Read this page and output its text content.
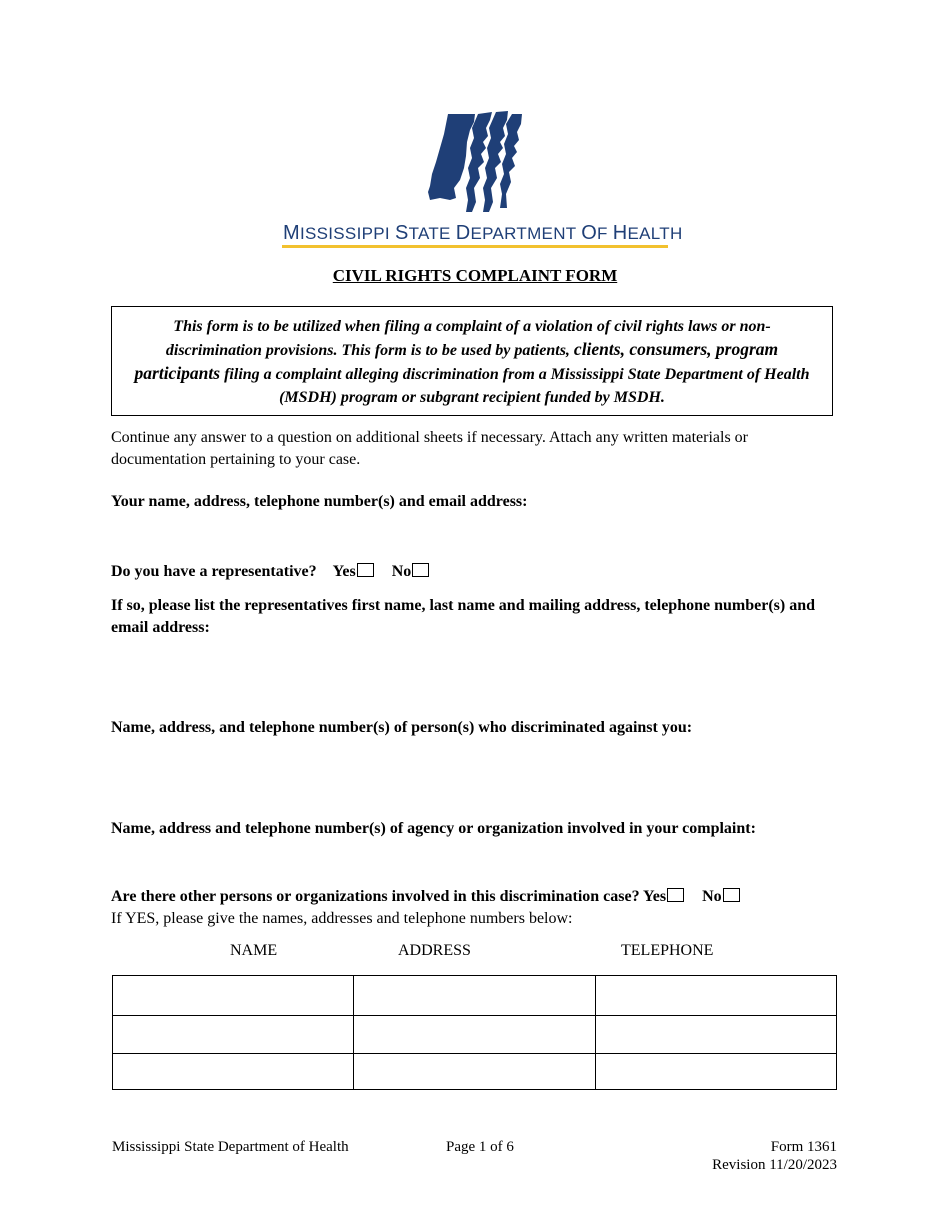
MISSISSIPPI STATE DEPARTMENT OF HEALTH
CIVIL RIGHTS COMPLAINT FORM
This form is to be utilized when filing a complaint of a violation of civil rights laws or non-discrimination provisions. This form is to be used by patients, clients, consumers, program participants filing a complaint alleging discrimination from a Mississippi State Department of Health (MSDH) program or subgrant recipient funded by MSDH.
Continue any answer to a question on additional sheets if necessary. Attach any written materials or documentation pertaining to your case.
Your name, address, telephone number(s) and email address:
Do you have a representative? Yes No
If so, please list the representatives first name, last name and mailing address, telephone number(s) and email address:
Name, address, and telephone number(s) of person(s) who discriminated against you:
Name, address and telephone number(s) of agency or organization involved in your complaint:
Are there other persons or organizations involved in this discrimination case? Yes No
If YES, please give the names, addresses and telephone numbers below:
NAME	ADDRESS	TELEPHONE

Mississippi State Department of Health	Page 1 of 6	Form 1361
Revision 11/20/2023
